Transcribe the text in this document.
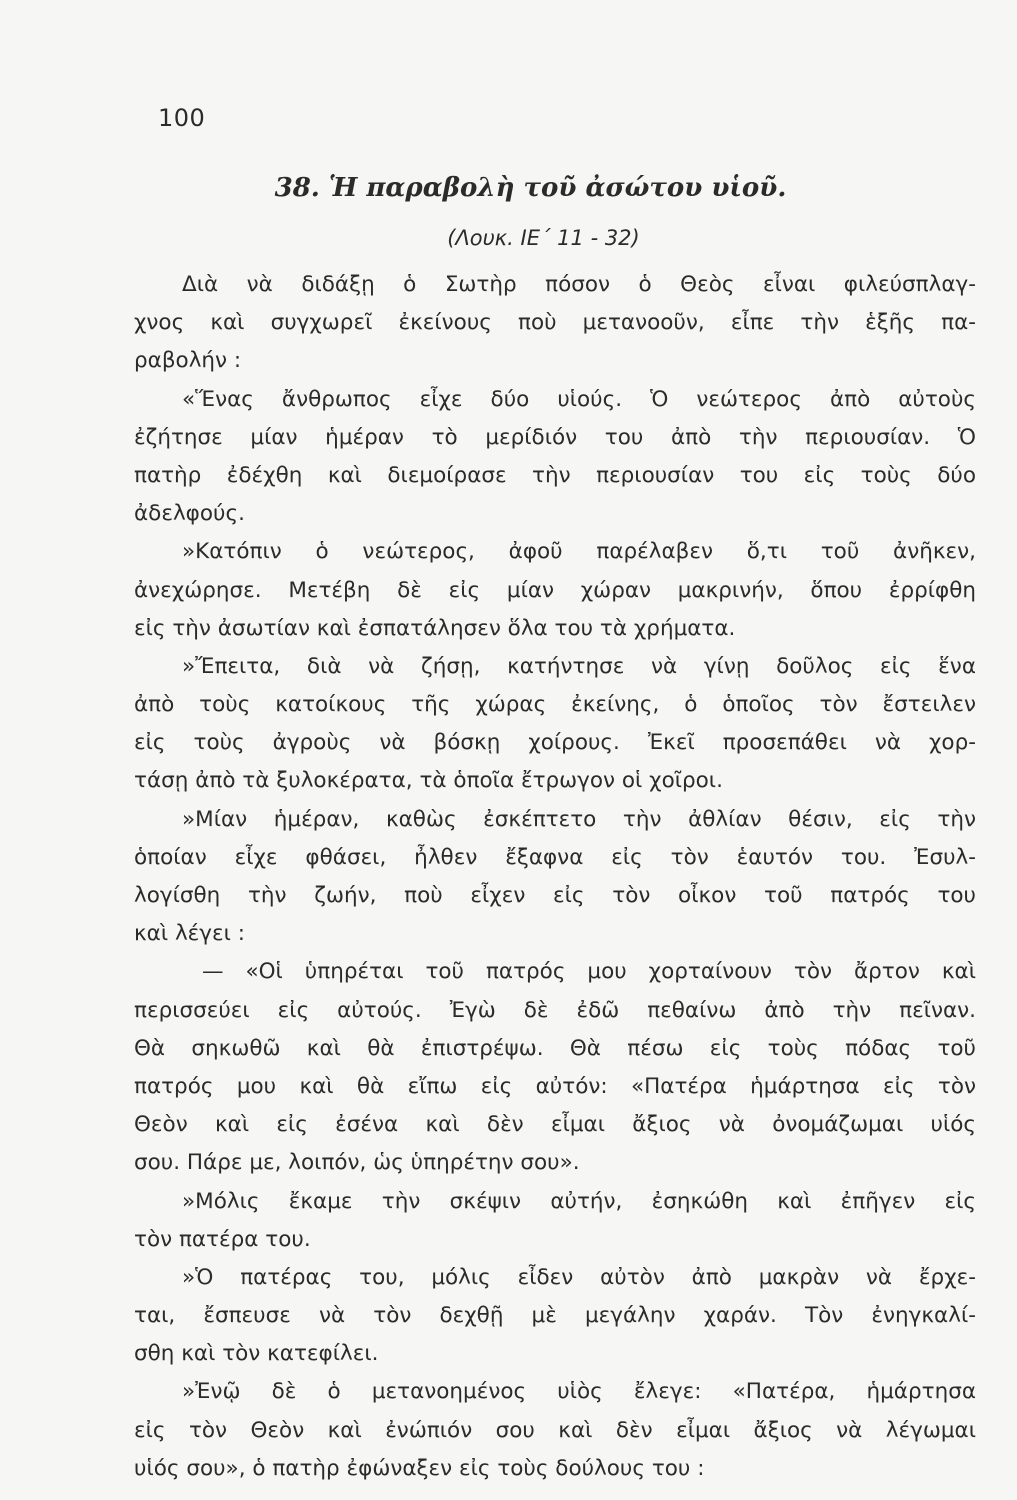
100
38. Ἡ παραβολὴ τοῦ ἀσώτου υἱοῦ.
(Λουκ. ΙΕ΄ 11 - 32)
Διὰ νὰ διδάξῃ ὁ Σωτὴρ πόσον ὁ Θεὸς εἶναι φιλεύσπλαγ-
χνος καὶ συγχωρεῖ ἐκείνους ποὺ μετανοοῦν, εἶπε τὴν ἑξῆς πα-
ραβολήν :
«Ἕνας ἄνθρωπος εἶχε δύο υἱούς. Ὁ νεώτερος ἀπὸ αὐτοὺς
ἐζήτησε μίαν ἡμέραν τὸ μερίδιόν του ἀπὸ τὴν περιουσίαν. Ὁ
πατὴρ ἐδέχθη καὶ διεμοίρασε τὴν περιουσίαν του εἰς τοὺς δύο
ἀδελφούς.
»Κατόπιν ὁ νεώτερος, ἀφοῦ παρέλαβεν ὅ,τι τοῦ ἀνῆκεν,
ἀνεχώρησε. Μετέβη δὲ εἰς μίαν χώραν μακρινήν, ὅπου ἐρρίφθη
εἰς τὴν ἀσωτίαν καὶ ἐσπατάλησεν ὅλα του τὰ χρήματα.
»Ἔπειτα, διὰ νὰ ζήσῃ, κατήντησε νὰ γίνῃ δοῦλος εἰς ἕνα
ἀπὸ τοὺς κατοίκους τῆς χώρας ἐκείνης, ὁ ὁποῖος τὸν ἔστειλεν
εἰς τοὺς ἀγροὺς νὰ βόσκῃ χοίρους. Ἐκεῖ προσεπάθει νὰ χορ-
τάσῃ ἀπὸ τὰ ξυλοκέρατα, τὰ ὁποῖα ἔτρωγον οἱ χοῖροι.
»Μίαν ἡμέραν, καθὼς ἐσκέπτετο τὴν ἀθλίαν θέσιν, εἰς τὴν
ὁποίαν εἶχε φθάσει, ἦλθεν ἔξαφνα εἰς τὸν ἑαυτόν του. Ἐσυλ-
λογίσθη τὴν ζωήν, ποὺ εἶχεν εἰς τὸν οἶκον τοῦ πατρός του
καὶ λέγει :
— «Οἱ ὑπηρέται τοῦ πατρός μου χορταίνουν τὸν ἄρτον καὶ
περισσεύει εἰς αὐτούς. Ἐγὼ δὲ ἐδῶ πεθαίνω ἀπὸ τὴν πεῖναν.
Θὰ σηκωθῶ καὶ θὰ ἐπιστρέψω. Θὰ πέσω εἰς τοὺς πόδας τοῦ
πατρός μου καὶ θὰ εἴπω εἰς αὐτόν: «Πατέρα ἡμάρτησα εἰς τὸν
Θεὸν καὶ εἰς ἐσένα καὶ δὲν εἶμαι ἄξιος νὰ ὀνομάζωμαι υἱός
σου. Πάρε με, λοιπόν, ὡς ὑπηρέτην σου».
»Μόλις ἔκαμε τὴν σκέψιν αὐτήν, ἐσηκώθη καὶ ἐπῆγεν εἰς
τὸν πατέρα του.
»Ὁ πατέρας του, μόλις εἶδεν αὐτὸν ἀπὸ μακρὰν νὰ ἔρχε-
ται, ἔσπευσε νὰ τὸν δεχθῇ μὲ μεγάλην χαράν. Τὸν ἐνηγκαλί-
σθη καὶ τὸν κατεφίλει.
»Ἐνῷ δὲ ὁ μετανοημένος υἱὸς ἔλεγε: «Πατέρα, ἡμάρτησα
εἰς τὸν Θεὸν καὶ ἐνώπιόν σου καὶ δὲν εἶμαι ἄξιος νὰ λέγωμαι
υἱός σου», ὁ πατὴρ ἐφώναξεν εἰς τοὺς δούλους του :
